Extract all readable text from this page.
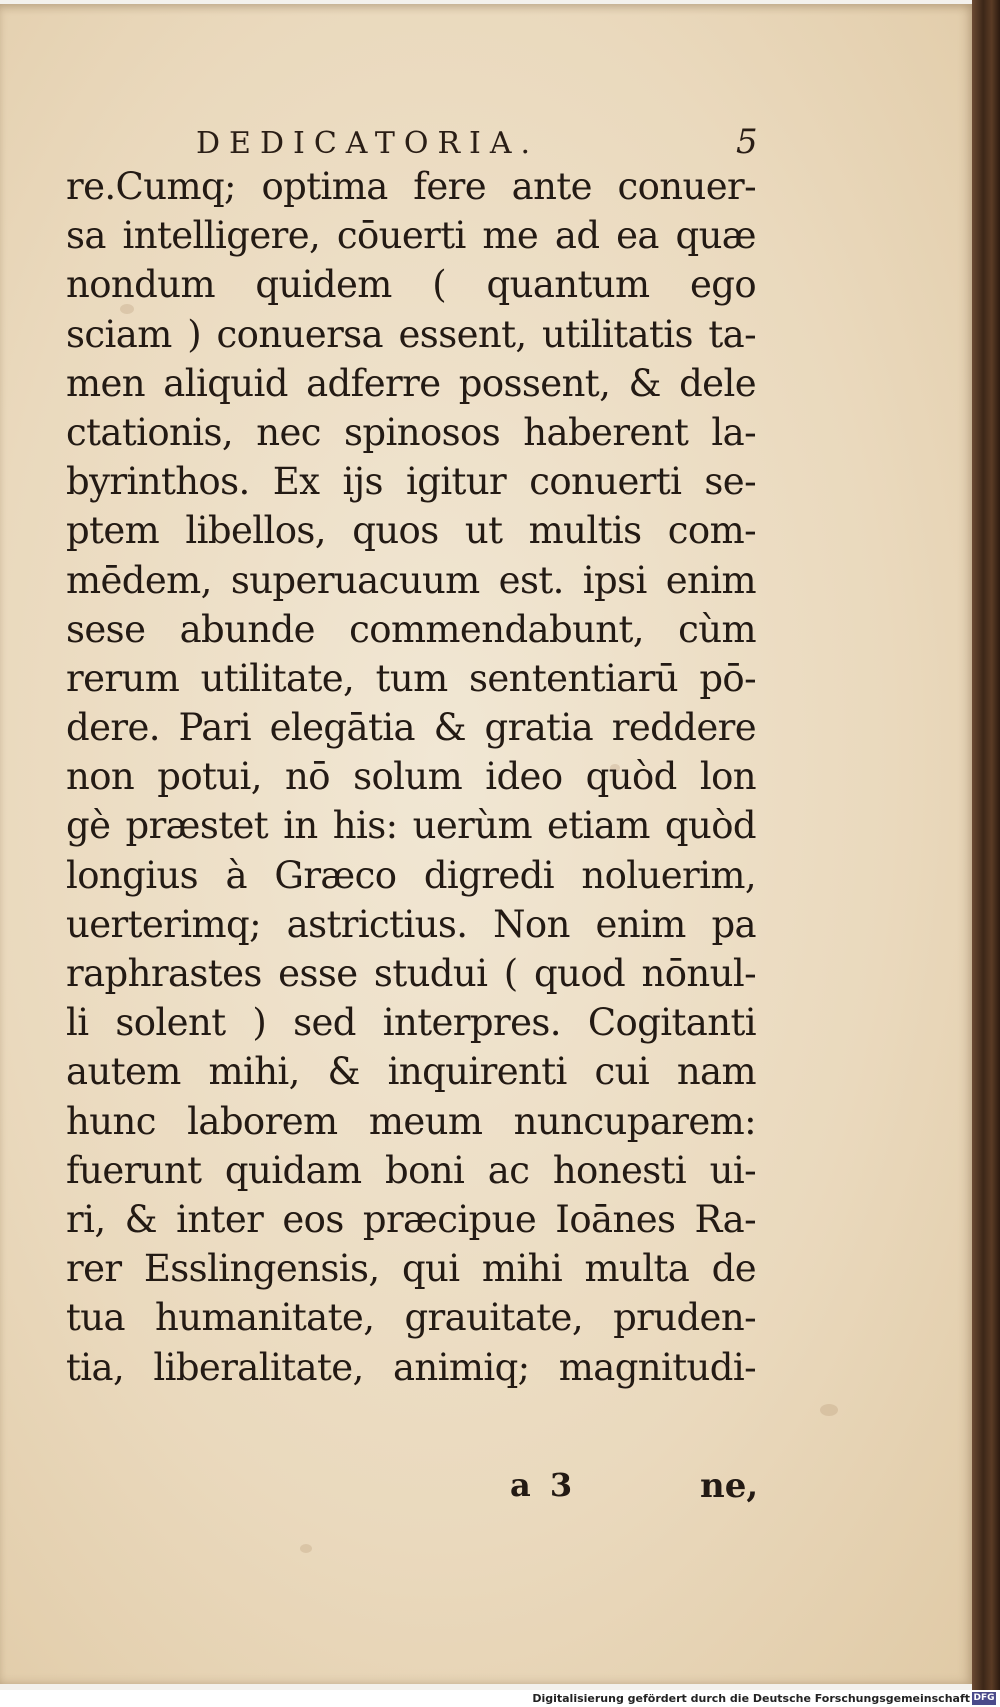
DEDICATORIA.	5
re.Cumq; optima fere ante conuer-
sa intelligere, cōuerti me ad ea quæ
nondum quidem ( quantum ego
sciam ) conuersa essent, utilitatis ta-
men aliquid adferre possent, & dele
ctationis, nec spinosos haberent la-
byrinthos. Ex ijs igitur conuerti se-
ptem libellos, quos ut multis com-
mēdem, superuacuum est. ipsi enim
sese abunde commendabunt, cùm
rerum utilitate, tum sententiarū pō-
dere. Pari elegātia & gratia reddere
non potui, nō solum ideo quòd lon
gè præstet in his: uerùm etiam quòd
longius à Græco digredi noluerim,
uerterimq; astrictius. Non enim pa
raphrastes esse studui ( quod nōnul-
li solent ) sed interpres. Cogitanti
autem mihi, & inquirenti cui nam
hunc laborem meum nuncuparem:
fuerunt quidam boni ac honesti ui-
ri, & inter eos præcipue Ioānes Ra-
rer Esslingensis, qui mihi multa de
tua humanitate, grauitate, pruden-
tia, liberalitate, animiq; magnitudi-
a 3	ne,
Digitalisierung gefördert durch die Deutsche Forschungsgemeinschaft DFG
